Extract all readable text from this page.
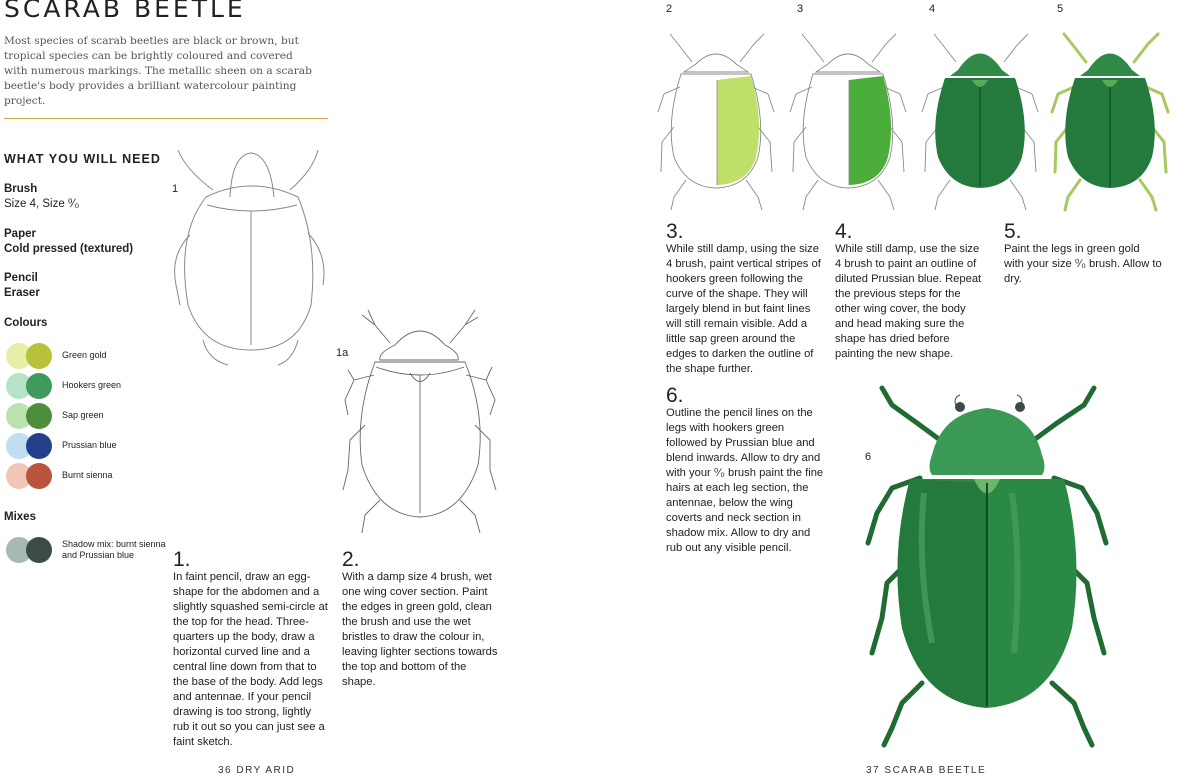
SCARAB BEETLE

Most species of scarab beetles are black or brown, but tropical species can be brightly coloured and covered with numerous markings. The metallic sheen on a scarab beetle's body provides a brilliant watercolour painting project.

WHAT YOU WILL NEED
Brush
Size 4, Size ⁰⁄₀
Paper
Cold pressed (textured)
Pencil
Eraser
Colours
Green gold
Hookers green
Sap green
Prussian blue
Burnt sienna
Mixes
Shadow mix: burnt sienna and Prussian blue
1
1a
1.
In faint pencil, draw an egg-shape for the abdomen and a slightly squashed semi-circle at the top for the head. Three-quarters up the body, draw a horizontal curved line and a central line down from that to the base of the body. Add legs and antennae. If your pencil drawing is too strong, lightly rub it out so you can just see a faint sketch.
2.
With a damp size 4 brush, wet one wing cover section. Paint the edges in green gold, clean the brush and use the wet bristles to draw the colour in, leaving lighter sections towards the top and bottom of the shape.
36 DRY ARID
2	3	4	5
3.
While still damp, using the size 4 brush, paint vertical stripes of hookers green following the curve of the shape. They will largely blend in but faint lines will still remain visible. Add a little sap green around the edges to darken the outline of the shape further.
4.
While still damp, use the size 4 brush to paint an outline of diluted Prussian blue. Repeat the previous steps for the other wing cover, the body and head making sure the shape has dried before painting the new shape.
5.
Paint the legs in green gold with your size ⁰⁄₀ brush. Allow to dry.
6.
Outline the pencil lines on the legs with hookers green followed by Prussian blue and blend inwards. Allow to dry and with your ⁰⁄₀ brush paint the fine hairs at each leg section, the antennae, below the wing coverts and neck section in shadow mix. Allow to dry and rub out any visible pencil.
6
37 SCARAB BEETLE
